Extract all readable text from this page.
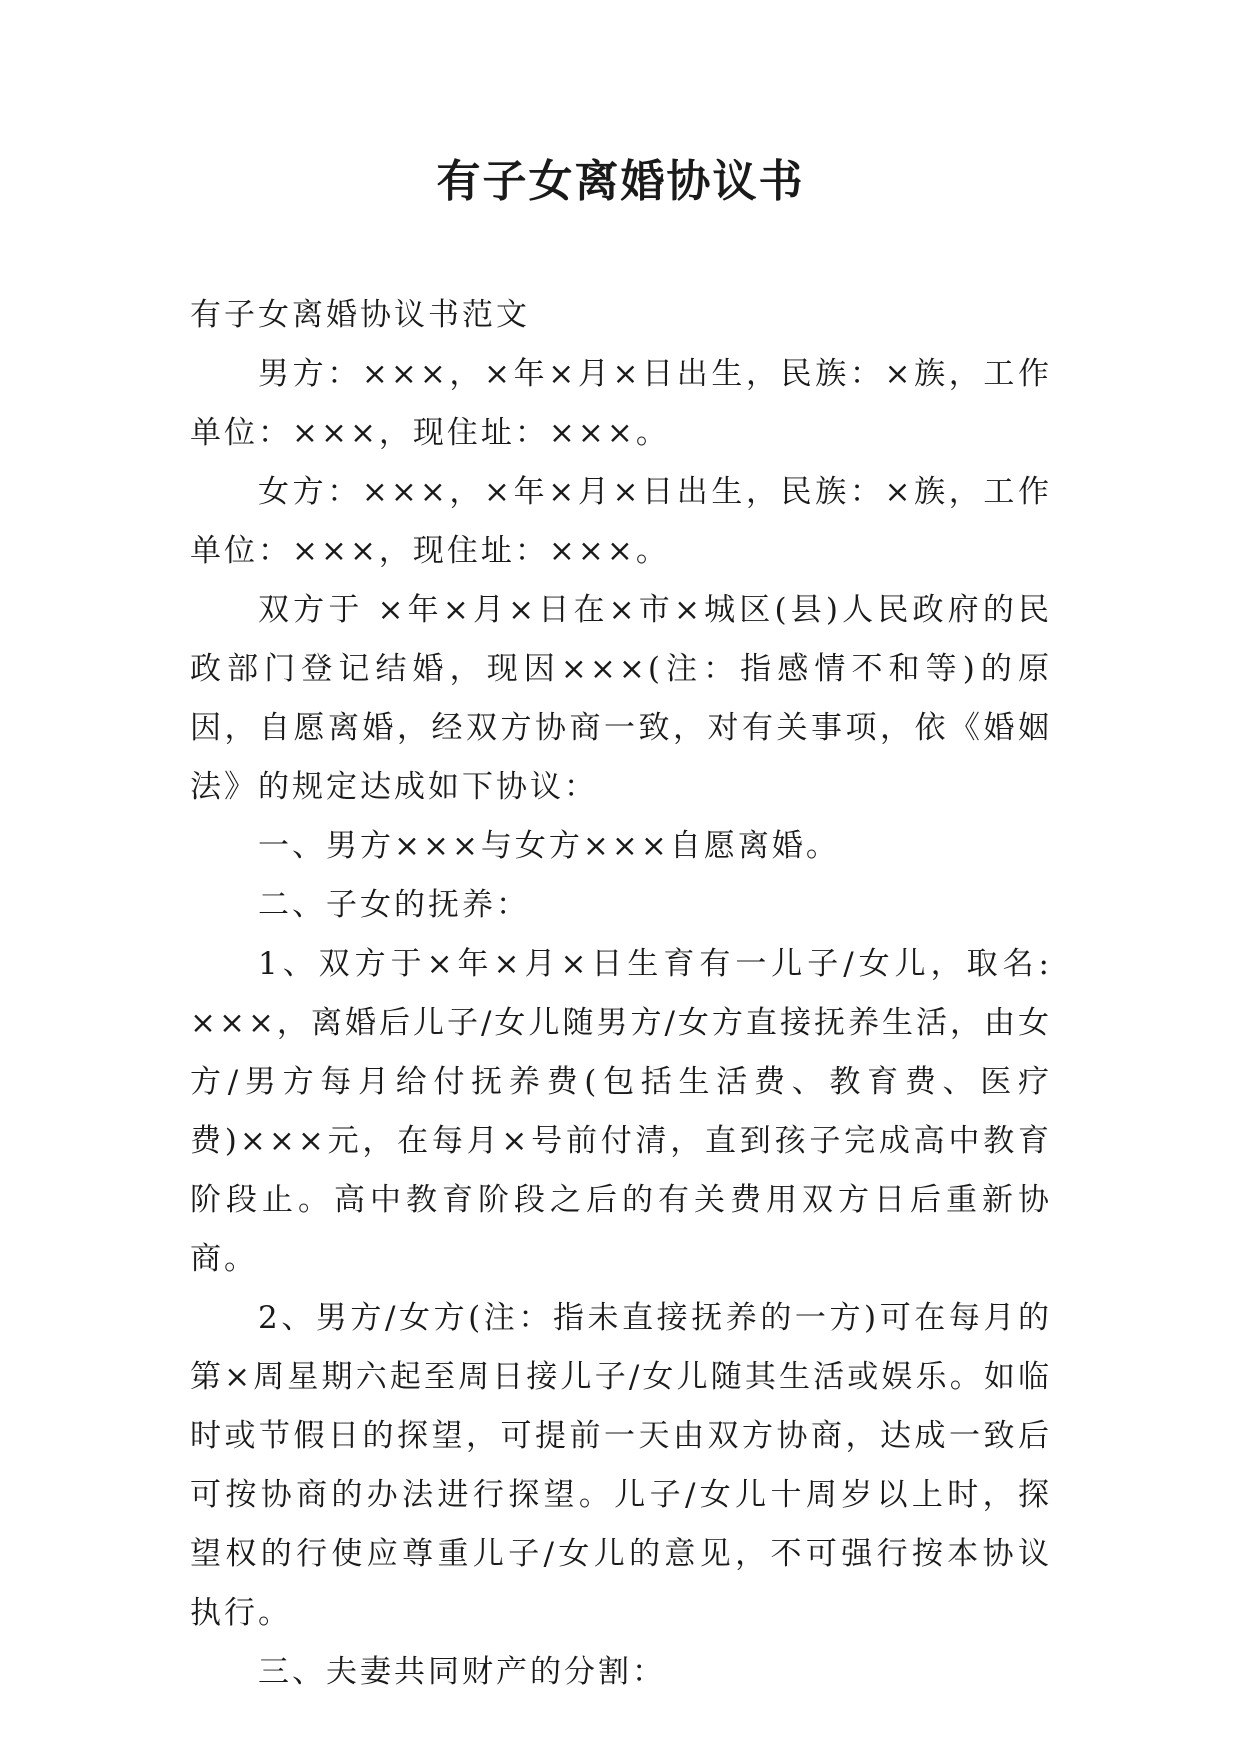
有子女离婚协议书

有子女离婚协议书范文

男方：×××，×年×月×日出生，民族：×族，工作单位：×××，现住址：×××。

女方：×××，×年×月×日出生，民族：×族，工作单位：×××，现住址：×××。

双方于 ×年×月×日在×市×城区(县)人民政府的民政部门登记结婚，现因×××(注：指感情不和等)的原因，自愿离婚，经双方协商一致，对有关事项，依《婚姻法》的规定达成如下协议：

一、男方×××与女方×××自愿离婚。

二、子女的抚养：

1、双方于×年×月×日生育有一儿子/女儿，取名: ×××，离婚后儿子/女儿随男方/女方直接抚养生活，由女方/男方每月给付抚养费(包括生活费、教育费、医疗费)×××元，在每月×号前付清，直到孩子完成高中教育阶段止。高中教育阶段之后的有关费用双方日后重新协商。

2、男方/女方(注：指未直接抚养的一方)可在每月的第×周星期六起至周日接儿子/女儿随其生活或娱乐。如临时或节假日的探望，可提前一天由双方协商，达成一致后可按协商的办法进行探望。儿子/女儿十周岁以上时，探望权的行使应尊重儿子/女儿的意见，不可强行按本协议执行。

三、夫妻共同财产的分割：
